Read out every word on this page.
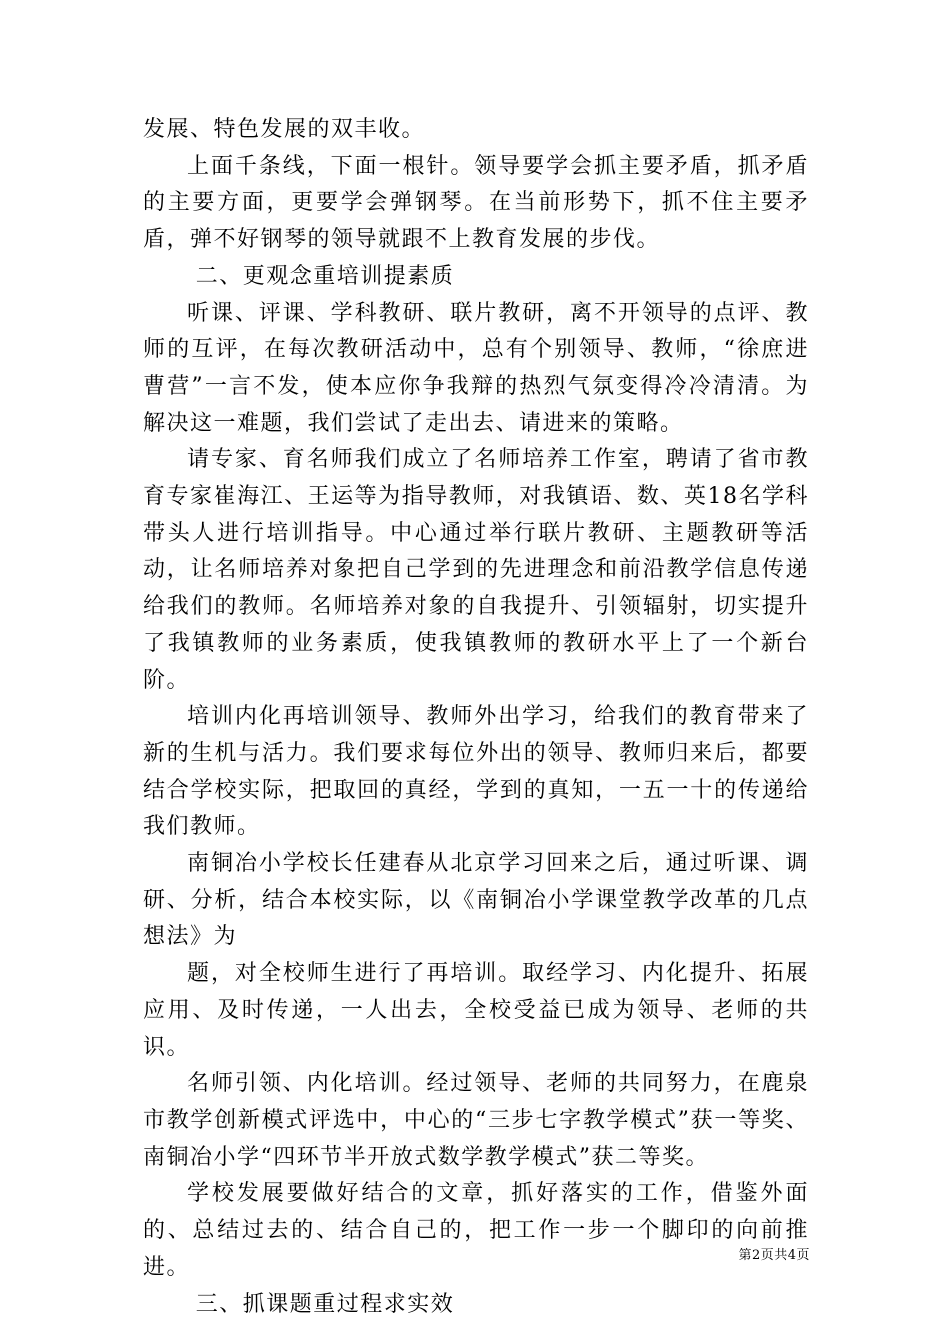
发展、特色发展的双丰收。

上面千条线，下面一根针。领导要学会抓主要矛盾，抓矛盾的主要方面，更要学会弹钢琴。在当前形势下，抓不住主要矛盾，弹不好钢琴的领导就跟不上教育发展的步伐。

二、更观念重培训提素质

听课、评课、学科教研、联片教研，离不开领导的点评、教师的互评，在每次教研活动中，总有个别领导、教师，“徐庶进曹营”一言不发，使本应你争我辩的热烈气氛变得冷冷清清。为解决这一难题，我们尝试了走出去、请进来的策略。

请专家、育名师我们成立了名师培养工作室，聘请了省市教育专家崔海江、王运等为指导教师，对我镇语、数、英18名学科带头人进行培训指导。中心通过举行联片教研、主题教研等活动，让名师培养对象把自己学到的先进理念和前沿教学信息传递给我们的教师。名师培养对象的自我提升、引领辐射，切实提升了我镇教师的业务素质，使我镇教师的教研水平上了一个新台阶。

培训内化再培训领导、教师外出学习，给我们的教育带来了新的生机与活力。我们要求每位外出的领导、教师归来后，都要结合学校实际，把取回的真经，学到的真知，一五一十的传递给我们教师。

南铜冶小学校长任建春从北京学习回来之后，通过听课、调研、分析，结合本校实际，以《南铜冶小学课堂教学改革的几点想法》为

题，对全校师生进行了再培训。取经学习、内化提升、拓展应用、及时传递，一人出去，全校受益已成为领导、老师的共识。

名师引领、内化培训。经过领导、老师的共同努力，在鹿泉市教学创新模式评选中，中心的“三步七字教学模式”获一等奖、南铜冶小学“四环节半开放式数学教学模式”获二等奖。

学校发展要做好结合的文章，抓好落实的工作，借鉴外面的、总结过去的、结合自己的，把工作一步一个脚印的向前推进。

三、抓课题重过程求实效

第2页共4页
